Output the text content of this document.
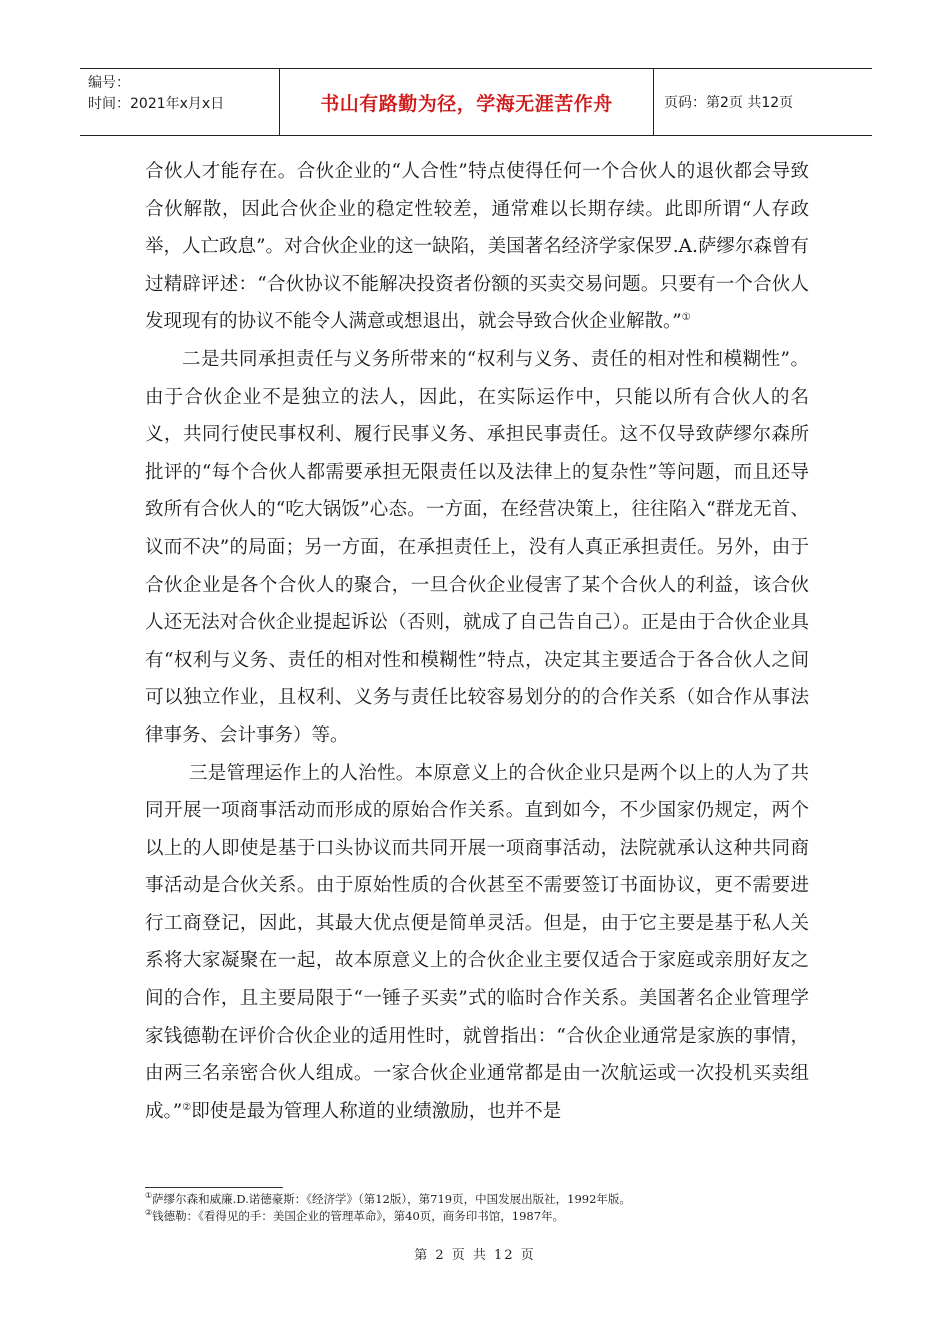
编号：
时间：2021年x月x日	书山有路勤为径，学海无涯苦作舟	页码：第2页 共12页

合伙人才能存在。合伙企业的“人合性”特点使得任何一个合伙人的退伙都会导致合伙解散，因此合伙企业的稳定性较差，通常难以长期存续。此即所谓“人存政举，人亡政息”。对合伙企业的这一缺陷，美国著名经济学家保罗.A.萨缪尔森曾有过精辟评述：“合伙协议不能解决投资者份额的买卖交易问题。只要有一个合伙人发现现有的协议不能令人满意或想退出，就会导致合伙企业解散。”①

二是共同承担责任与义务所带来的“权利与义务、责任的相对性和模糊性”。由于合伙企业不是独立的法人，因此，在实际运作中，只能以所有合伙人的名义，共同行使民事权利、履行民事义务、承担民事责任。这不仅导致萨缪尔森所批评的“每个合伙人都需要承担无限责任以及法律上的复杂性”等问题，而且还导致所有合伙人的“吃大锅饭”心态。一方面，在经营决策上，往往陷入“群龙无首、议而不决”的局面；另一方面，在承担责任上，没有人真正承担责任。另外，由于合伙企业是各个合伙人的聚合，一旦合伙企业侵害了某个合伙人的利益，该合伙人还无法对合伙企业提起诉讼（否则，就成了自己告自己）。正是由于合伙企业具有“权利与义务、责任的相对性和模糊性”特点，决定其主要适合于各合伙人之间可以独立作业，且权利、义务与责任比较容易划分的的合作关系（如合作从事法律事务、会计事务）等。

三是管理运作上的人治性。本原意义上的合伙企业只是两个以上的人为了共同开展一项商事活动而形成的原始合作关系。直到如今，不少国家仍规定，两个以上的人即使是基于口头协议而共同开展一项商事活动，法院就承认这种共同商事活动是合伙关系。由于原始性质的合伙甚至不需要签订书面协议，更不需要进行工商登记，因此，其最大优点便是简单灵活。但是，由于它主要是基于私人关系将大家凝聚在一起，故本原意义上的合伙企业主要仅适合于家庭或亲朋好友之间的合作，且主要局限于“一锤子买卖”式的临时合作关系。美国著名企业管理学家钱德勒在评价合伙企业的适用性时，就曾指出：“合伙企业通常是家族的事情，由两三名亲密合伙人组成。一家合伙企业通常都是由一次航运或一次投机买卖组成。”②即使是最为管理人称道的业绩激励，也并不是

①萨缪尔森和威廉.D.诺德豪斯：《经济学》（第12版），第719页，中国发展出版社，1992年版。
②钱德勒：《看得见的手：美国企业的管理革命》，第40页，商务印书馆，1987年。
第 2 页 共 12 页
